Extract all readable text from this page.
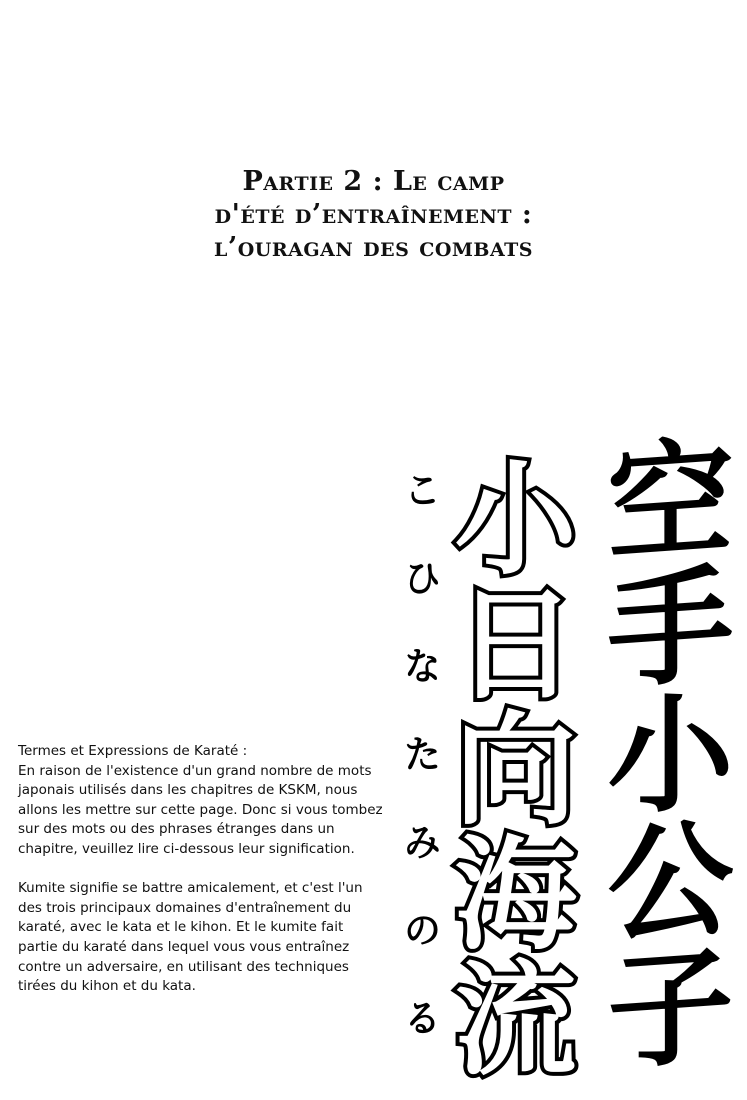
Partie 2 : Le camp
d'été d’entraînement :
l’ouragan des combats
空手小公子
小日向海流
こひなたみのる

Termes et Expressions de Karaté :
En raison de l'existence d'un grand nombre de mots japonais utilisés dans les chapitres de KSKM, nous allons les mettre sur cette page. Donc si vous tombez sur des mots ou des phrases étranges dans un chapitre, veuillez lire ci-dessous leur signification.

Kumite signifie se battre amicalement, et c'est l'un des trois principaux domaines d'entraînement du karaté, avec le kata et le kihon. Et le kumite fait partie du karaté dans lequel vous vous entraînez contre un adversaire, en utilisant des techniques tirées du kihon et du kata.
